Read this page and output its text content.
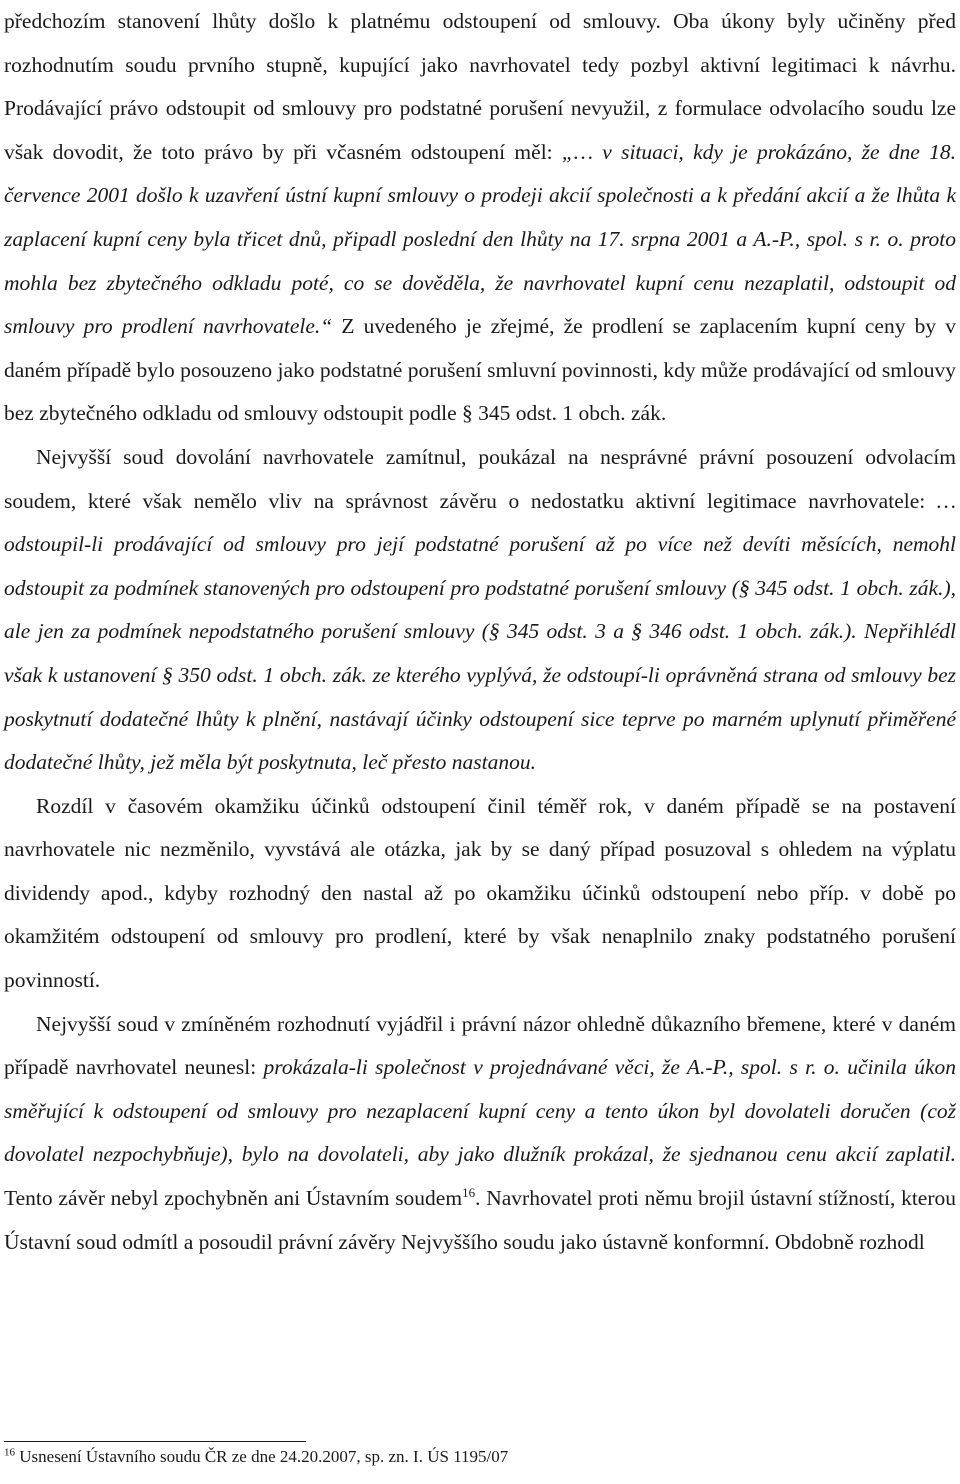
předchozím stanovení lhůty došlo k platnému odstoupení od smlouvy. Oba úkony byly učiněny před rozhodnutím soudu prvního stupně, kupující jako navrhovatel tedy pozbyl aktivní legitimaci k návrhu. Prodávající právo odstoupit od smlouvy pro podstatné porušení nevyužil, z formulace odvolacího soudu lze však dovodit, že toto právo by při včasném odstoupení měl: „… v situaci, kdy je prokázáno, že dne 18. července 2001 došlo k uzavření ústní kupní smlouvy o prodeji akcií společnosti a k předání akcií a že lhůta k zaplacení kupní ceny byla třicet dnů, připadl poslední den lhůty na 17. srpna 2001 a A.-P., spol. s r. o. proto mohla bez zbytečného odkladu poté, co se dověděla, že navrhovatel kupní cenu nezaplatil, odstoupit od smlouvy pro prodlení navrhovatele.“ Z uvedeného je zřejmé, že prodlení se zaplacením kupní ceny by v daném případě bylo posouzeno jako podstatné porušení smluvní povinnosti, kdy může prodávající od smlouvy bez zbytečného odkladu od smlouvy odstoupit podle § 345 odst. 1 obch. zák.

Nejvyšší soud dovolání navrhovatele zamítnul, poukázal na nesprávné právní posouzení odvolacím soudem, které však nemělo vliv na správnost závěru o nedostatku aktivní legitimace navrhovatele: … odstoupil-li prodávající od smlouvy pro její podstatné porušení až po více než devíti měsících, nemohl odstoupit za podmínek stanovených pro odstoupení pro podstatné porušení smlouvy (§ 345 odst. 1 obch. zák.), ale jen za podmínek nepodstatného porušení smlouvy (§ 345 odst. 3 a § 346 odst. 1 obch. zák.). Nepřihlédl však k ustanovení § 350 odst. 1 obch. zák. ze kterého vyplývá, že odstoupí-li oprávněná strana od smlouvy bez poskytnutí dodatečné lhůty k plnění, nastávají účinky odstoupení sice teprve po marném uplynutí přiměřené dodatečné lhůty, jež měla být poskytnuta, leč přesto nastanou.

Rozdíl v časovém okamžiku účinků odstoupení činil téměř rok, v daném případě se na postavení navrhovatele nic nezměnilo, vyvstává ale otázka, jak by se daný případ posuzoval s ohledem na výplatu dividendy apod., kdyby rozhodný den nastal až po okamžiku účinků odstoupení nebo příp. v době po okamžitém odstoupení od smlouvy pro prodlení, které by však nenaplnilo znaky podstatného porušení povinností.

Nejvyšší soud v zmíněném rozhodnutí vyjádřil i právní názor ohledně důkazního břemene, které v daném případě navrhovatel neunesl: prokázala-li společnost v projednávané věci, že A.-P., spol. s r. o. učinila úkon směřující k odstoupení od smlouvy pro nezaplacení kupní ceny a tento úkon byl dovolateli doručen (což dovolatel nezpochybňuje), bylo na dovolateli, aby jako dlužník prokázal, že sjednanou cenu akcií zaplatil. Tento závěr nebyl zpochybněn ani Ústavním soudem$^{16}$. Navrhovatel proti němu brojil ústavní stížností, kterou Ústavní soud odmítl a posoudil právní závěry Nejvyššího soudu jako ústavně konformní. Obdobně rozhodl

$^{16}$ Usnesení Ústavního soudu ČR ze dne 24.20.2007, sp. zn. I. ÚS 1195/07
